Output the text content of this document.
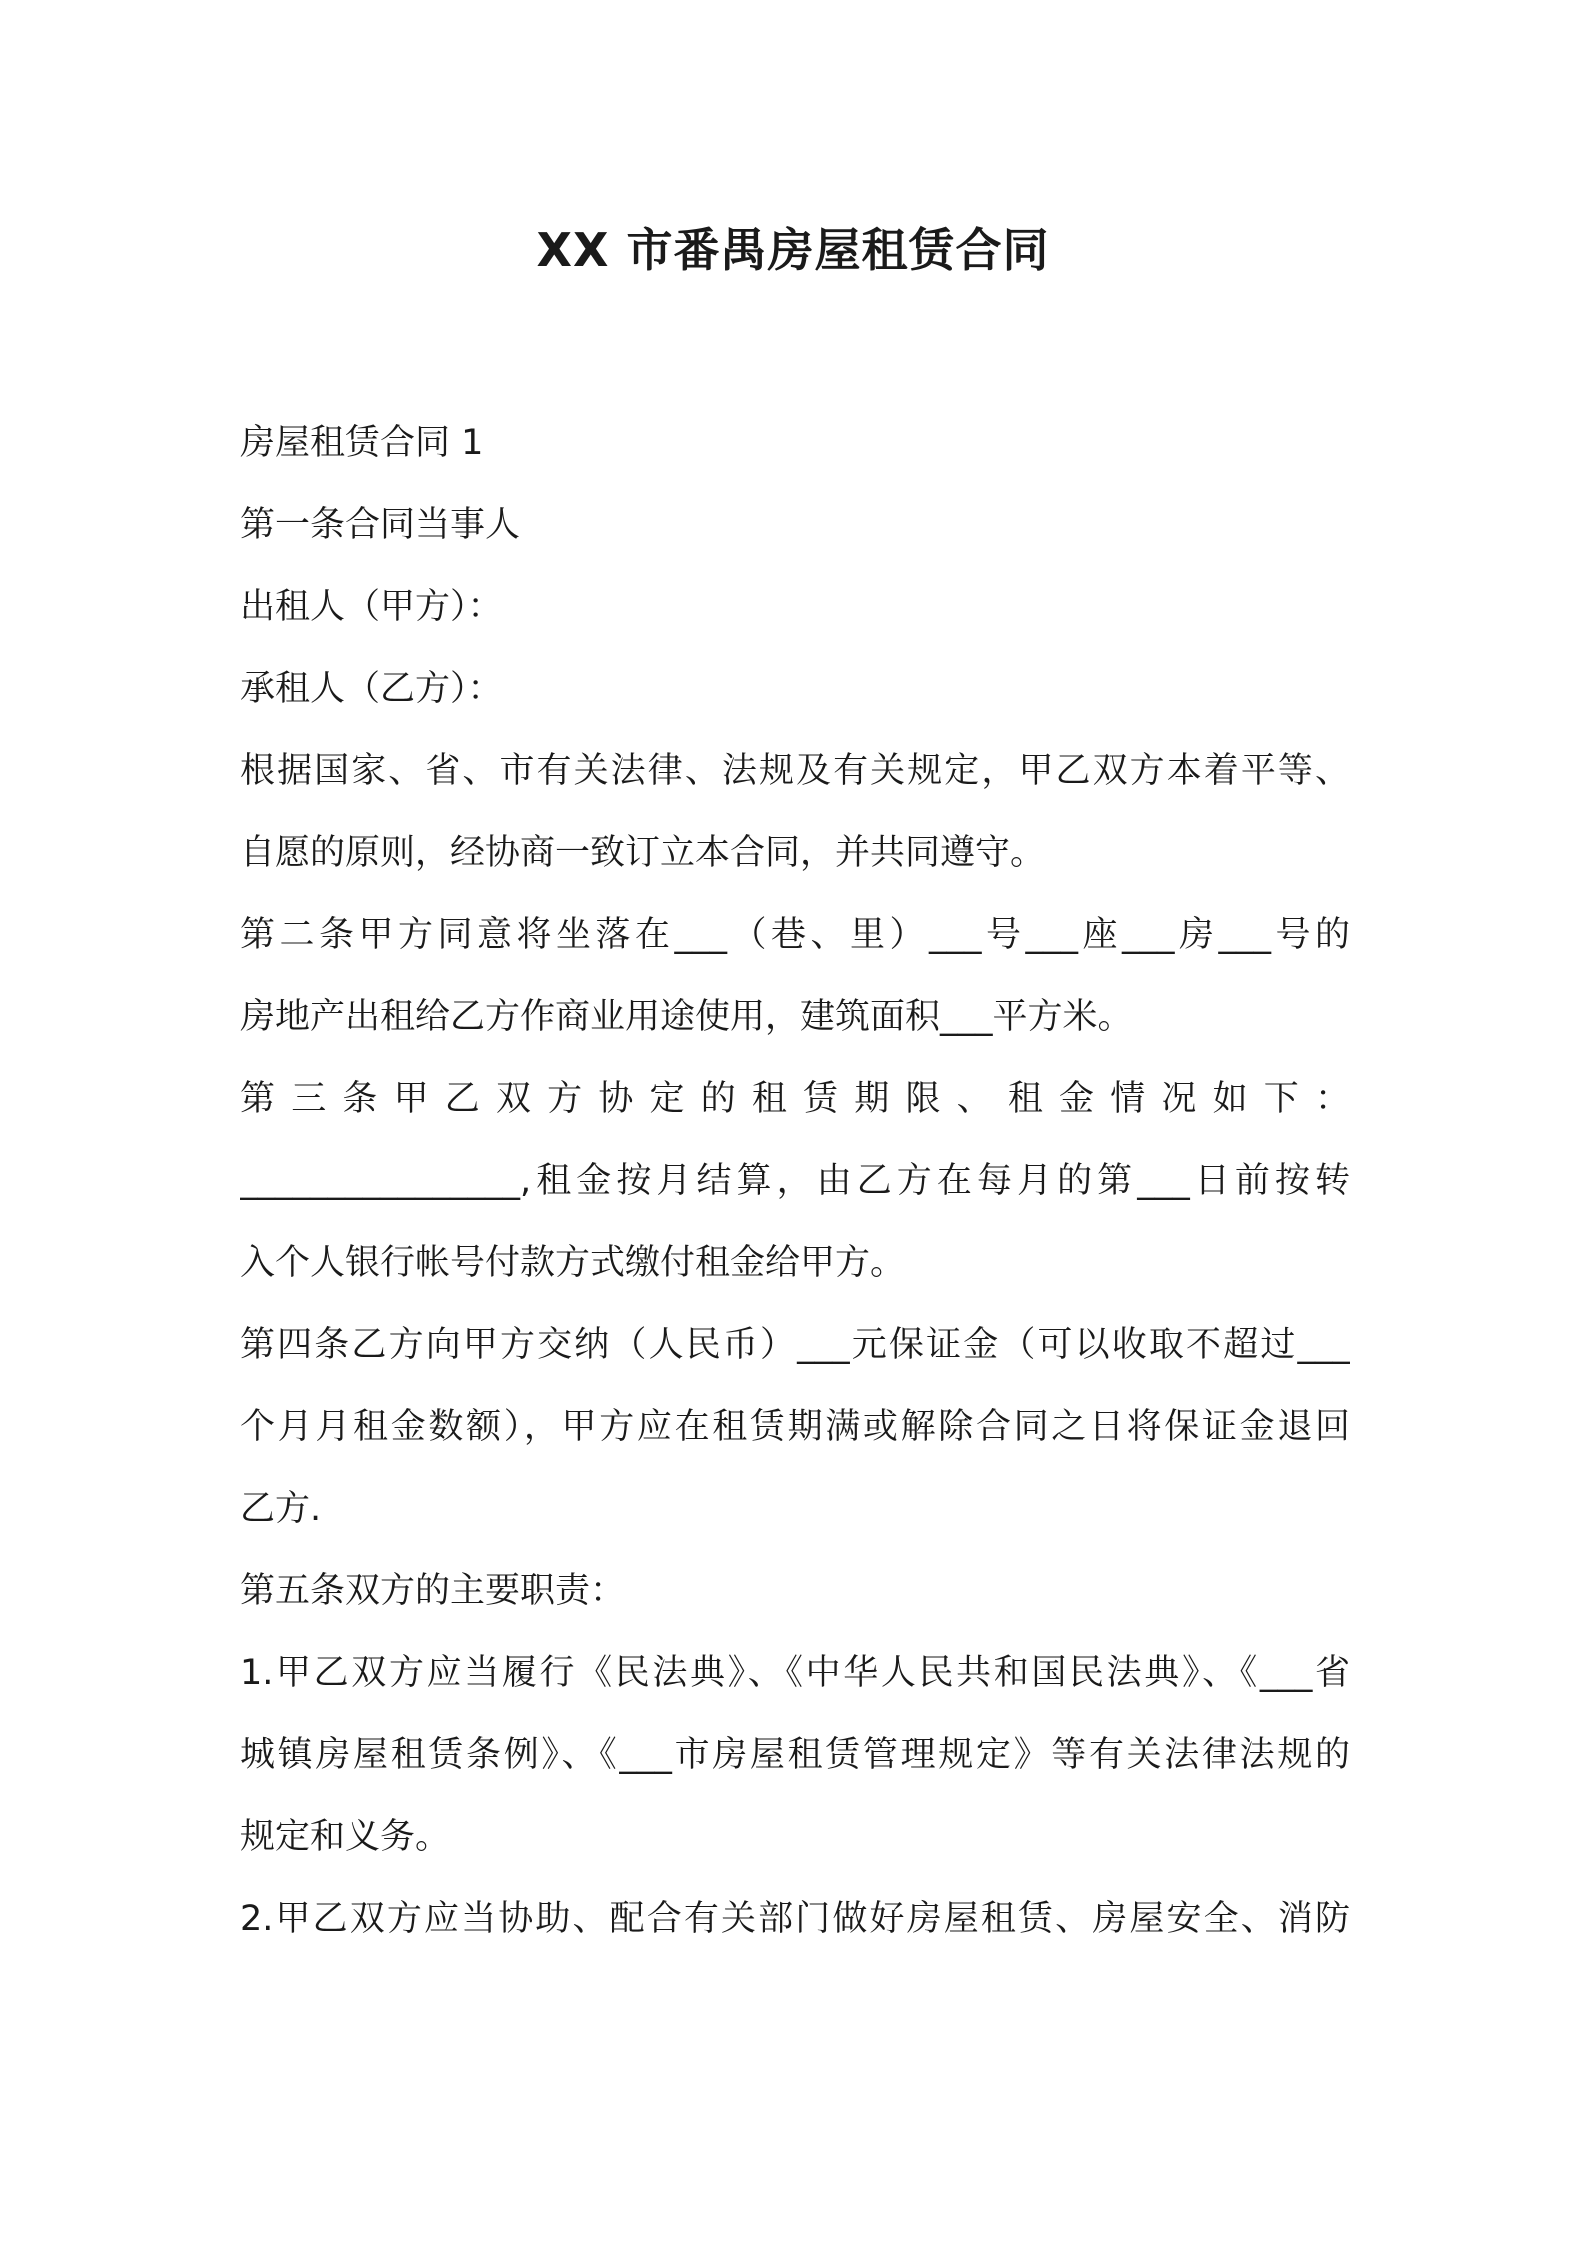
XX 市番禺房屋租赁合同
房屋租赁合同 1
第一条合同当事人
出租人（甲方）：
承租人（乙方）：
根据国家、省、市有关法律、法规及有关规定，甲乙双方本着平等、
自愿的原则，经协商一致订立本合同，并共同遵守。
第二条甲方同意将坐落在___（巷、里）___号___座___房___号的
房地产出租给乙方作商业用途使用，建筑面积___平方米。
第 三 条 甲 乙 双 方 协 定 的 租 赁 期 限 、 租 金 情 况 如 下 ：
________________,租金按月结算，由乙方在每月的第___日前按转
入个人银行帐号付款方式缴付租金给甲方。
第四条乙方向甲方交纳（人民币）___元保证金（可以收取不超过___
个月月租金数额），甲方应在租赁期满或解除合同之日将保证金退回
乙方.
第五条双方的主要职责：
1.甲乙双方应当履行《民法典》、《中华人民共和国民法典》、《___省
城镇房屋租赁条例》、《___市房屋租赁管理规定》等有关法律法规的
规定和义务。
2.甲乙双方应当协助、配合有关部门做好房屋租赁、房屋安全、消防
